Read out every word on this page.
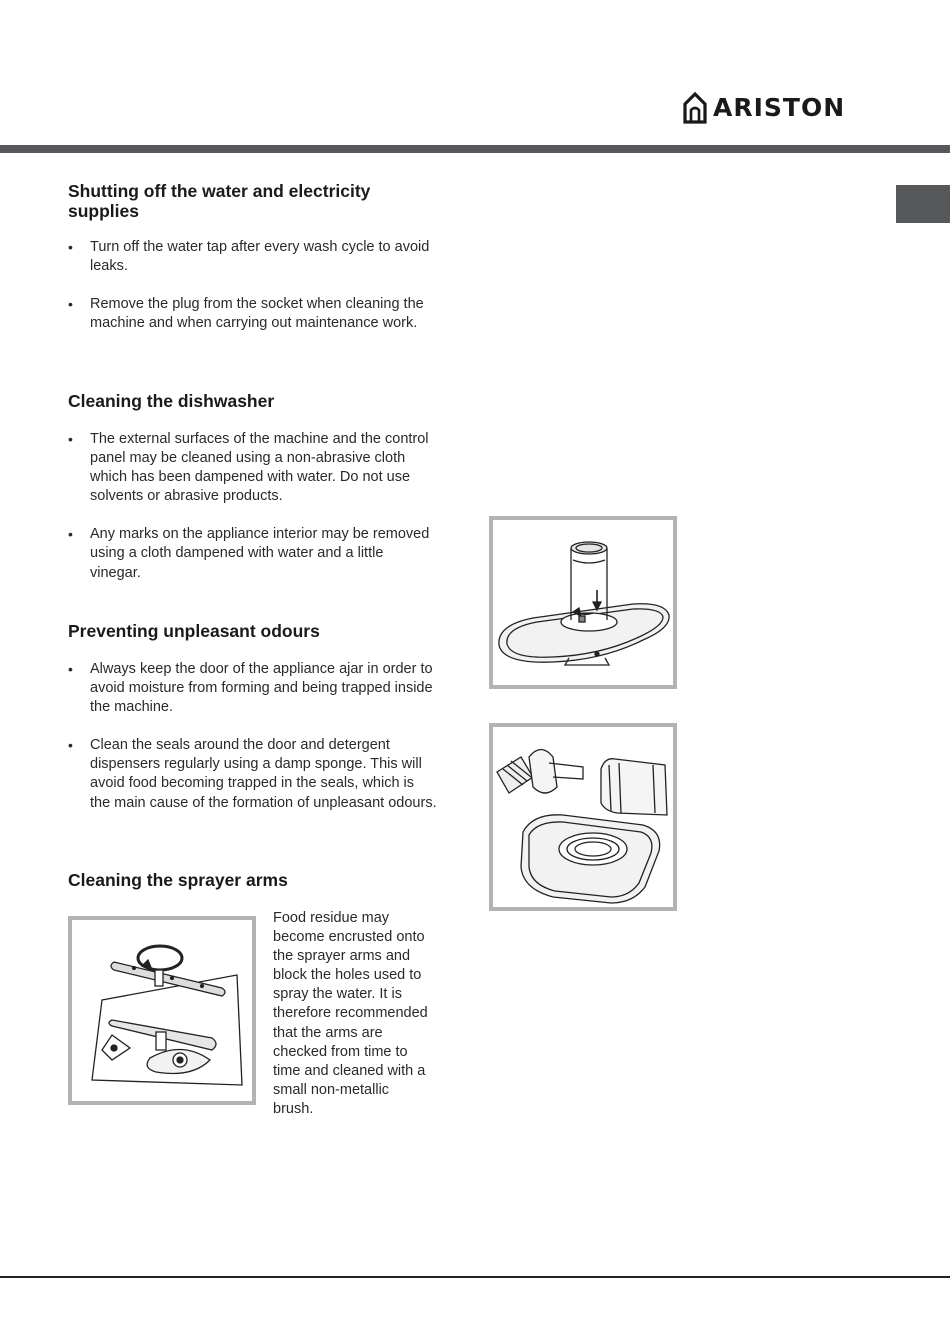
ARISTON
Shutting off the water and electricity supplies
• Turn off the water tap after every wash cycle to avoid leaks.
• Remove the plug from the socket when cleaning the machine and when carrying out maintenance work.
Cleaning the dishwasher
• The external surfaces of the machine and the control panel may be cleaned using a non-abrasive cloth which has been dampened with water. Do not use solvents or abrasive products.
• Any marks on the appliance interior may be removed using a cloth dampened with water and a little vinegar.
Preventing unpleasant odours
• Always keep the door of the appliance ajar in order to avoid moisture from forming and being trapped inside the machine.
• Clean the seals around the door and detergent dispensers regularly using a damp sponge. This will avoid food becoming trapped in the seals, which is the main cause of the formation of unpleasant odours.
Cleaning the sprayer arms
Food residue may
become encrusted onto
the sprayer arms and
block the holes used to
spray the water. It is
therefore recommended
that the arms are
checked from time to
time and cleaned with a
small non-metallic
brush.
